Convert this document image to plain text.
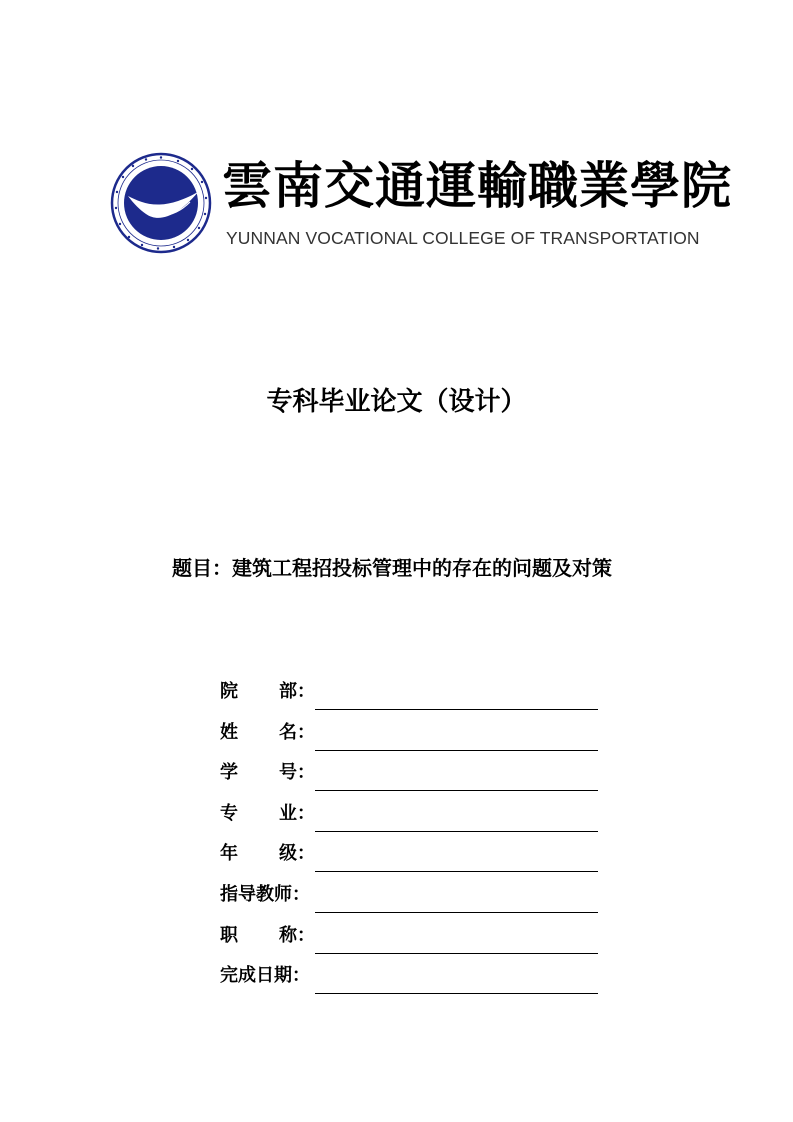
雲南交通運輸職業學院
YUNNAN VOCATIONAL COLLEGE OF TRANSPORTATION
专科毕业论文（设计）
题目：建筑工程招投标管理中的存在的问题及对策
院 部：
姓 名：
学 号：
专 业：
年 级：
指导教师：
职 称：
完成日期：
